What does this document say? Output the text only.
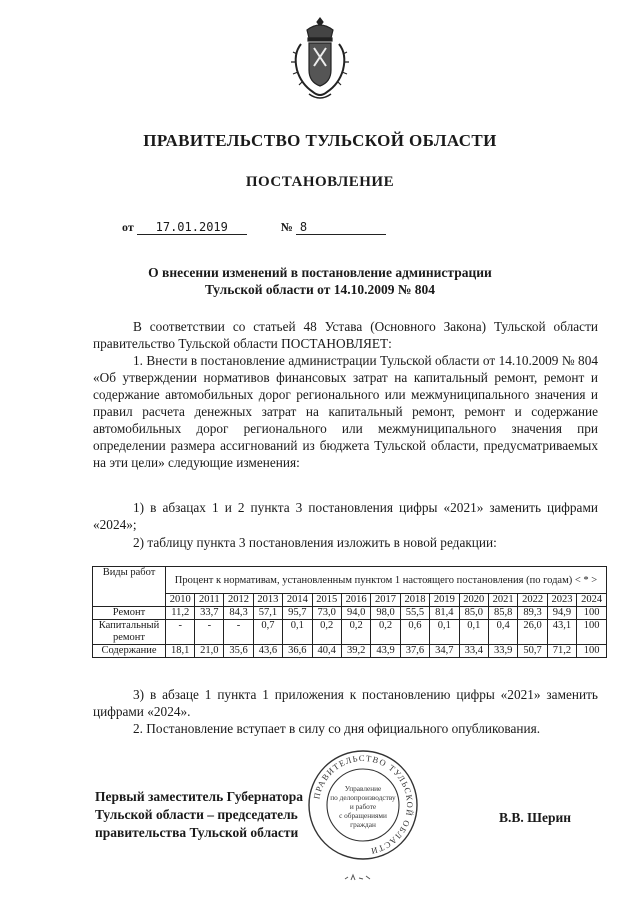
ПРАВИТЕЛЬСТВО ТУЛЬСКОЙ ОБЛАСТИ
ПОСТАНОВЛЕНИЕ
от 17.01.2019	№ 8
О внесении изменений в постановление администрации
Тульской области от 14.10.2009 № 804
В соответствии со статьей 48 Устава (Основного Закона) Тульской области правительство Тульской области ПОСТАНОВЛЯЕТ:
1. Внести в постановление администрации Тульской области от 14.10.2009 № 804 «Об утверждении нормативов финансовых затрат на капитальный ремонт, ремонт и содержание автомобильных дорог регионального или межмуниципального значения и правил расчета денежных затрат на капитальный ремонт, ремонт и содержание автомобильных дорог регионального или межмуниципального значения при определении размера ассигнований из бюджета Тульской области, предусматриваемых на эти цели» следующие изменения:
1) в абзацах 1 и 2 пункта 3 постановления цифры «2021» заменить цифрами «2024»;
2) таблицу пункта 3 постановления изложить в новой редакции:
Виды работ	Процент к нормативам, установленным пунктом 1 настоящего постановления (по годам) < * >														
	2010	2011	2012	2013	2014	2015	2016	2017	2018	2019	2020	2021	2022	2023	2024
Ремонт	11,2	33,7	84,3	57,1	95,7	73,0	94,0	98,0	55,5	81,4	85,0	85,8	89,3	94,9	100
Капитальный ремонт	-	-	-	0,7	0,1	0,2	0,2	0,2	0,6	0,1	0,1	0,4	26,0	43,1	100
Содержание	18,1	21,0	35,6	43,6	36,6	40,4	39,2	43,9	37,6	34,7	33,4	33,9	50,7	71,2	100
3) в абзаце 1 пункта 1 приложения к постановлению цифры «2021» заменить цифрами «2024».
2. Постановление вступает в силу со дня официального опубликования.
Первый заместитель Губернатора
Тульской области – председатель
правительства Тульской области
В.В. Шерин
ПРАВИТЕЛЬСТВО ТУЛЬСКОЙ ОБЛАСТИ
Управление
по делопроизводству
и работе
с обращениями
граждан
